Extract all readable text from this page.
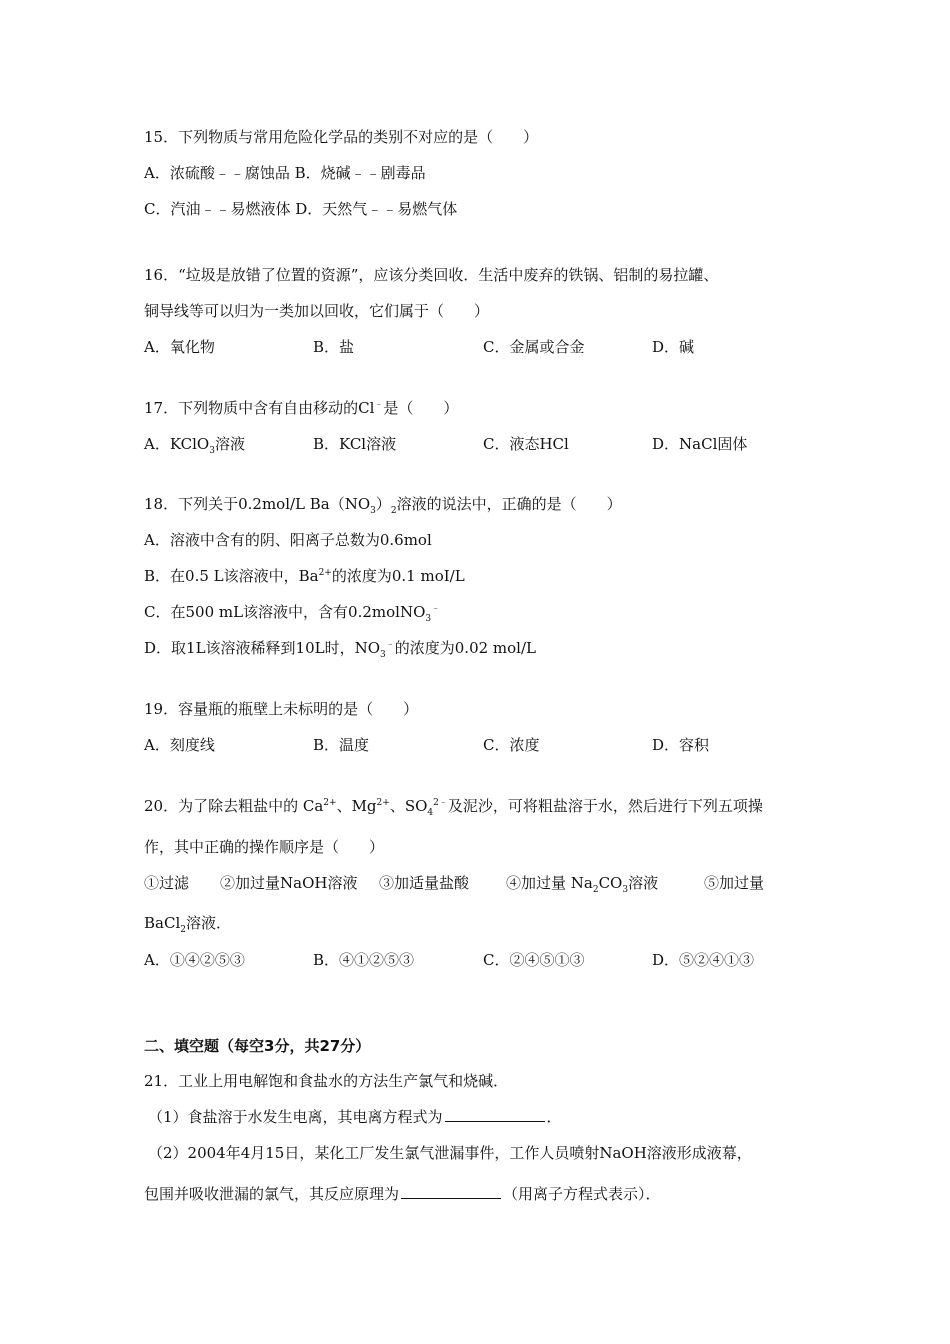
15．下列物质与常用危险化学品的类别不对应的是（　　）
A．浓硫酸﹣﹣腐蚀品 B．烧碱﹣﹣剧毒品
C．汽油﹣﹣易燃液体 D．天然气﹣﹣易燃气体
16．“垃圾是放错了位置的资源”，应该分类回收．生活中废弃的铁锅、铝制的易拉罐、
铜导线等可以归为一类加以回收，它们属于（　　）
A．氧化物	B．盐	C．金属或合金	D．碱
17．下列物质中含有自由移动的Cl﹣是（　　）
A．KClO$_3$溶液	B．KCl溶液	C．液态HCl	D．NaCl固体
18．下列关于0.2mol/L $Ba(NO_3)_2$溶液的说法中，正确的是（　　）
A．溶液中含有的阴、阳离子总数为0.6mol
B．在0.5 L该溶液中，$Ba^{2+}$的浓度为0.1 moI/L
C．在500 mL该溶液中，含有0.2molNO$_3$﹣
D．取1L该溶液稀释到10L时，$NO_3^﹣$的浓度为0.02 mol/L
19．容量瓶的瓶壁上未标明的是（　　）
A．刻度线	B．温度	C．浓度	D．容积
20．为了除去粗盐中的 $Ca^{2+}$、$Mg^{2+}$、$SO_4^{2﹣}$及泥沙，可将粗盐溶于水，然后进行下列五项操
作，其中正确的操作顺序是（　　）
①过滤 ②加过量NaOH溶液 ③加适量盐酸 ④加过量 $Na_2CO_3$溶液	⑤加过量
BaCl$_2$溶液．
A．①④②⑤③	B．④①②⑤③	C．②④⑤①③	D．⑤②④①③
二、填空题（每空3分，共27分）
21．工业上用电解饱和食盐水的方法生产氯气和烧碱．
（1）食盐溶于水发生电离，其电离方程式为	．
（2）2004年4月15日，某化工厂发生氯气泄漏事件，工作人员喷射NaOH溶液形成液幕，
包围并吸收泄漏的氯气，其反应原理为	（用离子方程式表示）．
